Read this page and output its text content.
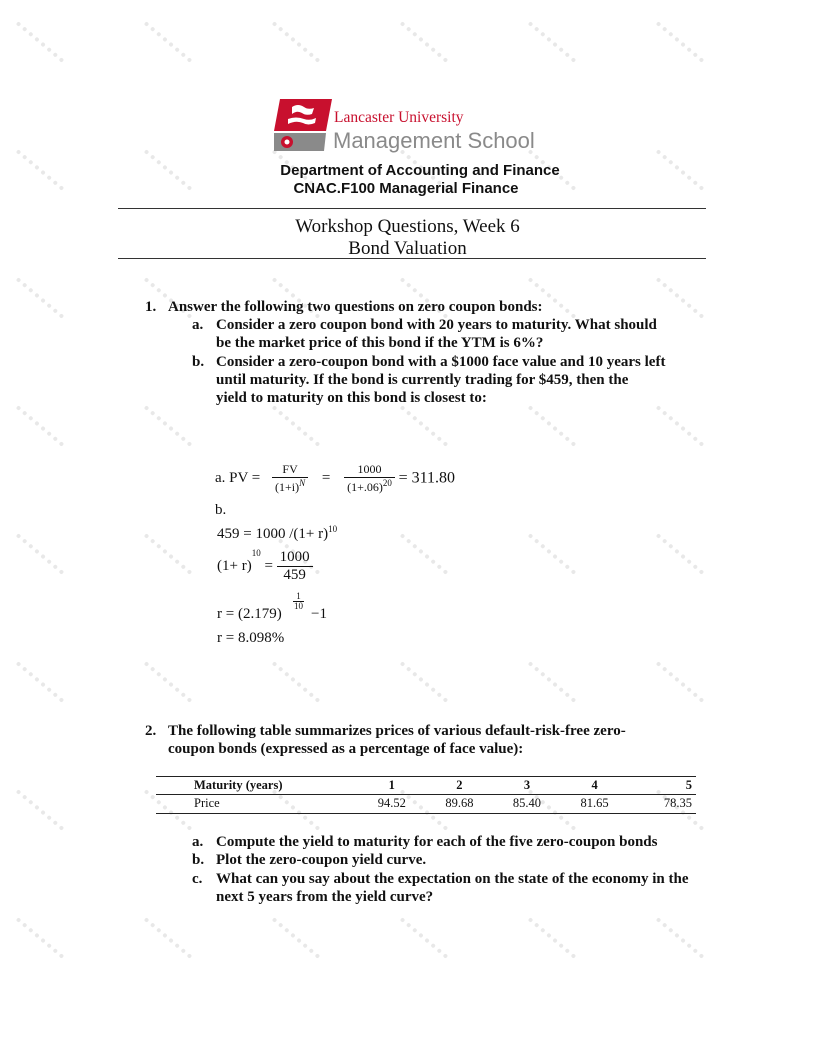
Lancaster University
Management School
Department of Accounting and Finance
CNAC.F100 Managerial Finance
Workshop Questions, Week 6
Bond Valuation
1. Answer the following two questions on zero coupon bonds:
a. Consider a zero coupon bond with 20 years to maturity. What should
be the market price of this bond if the YTM is 6%?
b. Consider a zero-coupon bond with a $1000 face value and 10 years left
until maturity. If the bond is currently trading for $459, then the
yield to maturity on this bond is closest to:
a. PV = $\frac{FV}{(1+i)^N} = \frac{1000}{(1+.06)^{20}} = 311.80$
b.
459 = 1000 $/(1+ r)^{10}$
$(1+ r)^{10} = \frac{1000}{459}$
r = (2.179)
$\frac{1}{10}$
−1
r = 8.098%
2. The following table summarizes prices of various default-risk-free zero-
coupon bonds (expressed as a percentage of face value):
Maturity (years)	1	2	3	4	5
Price	94.52	89.68	85.40	81.65	78.35
a. Compute the yield to maturity for each of the five zero-coupon bonds
b. Plot the zero-coupon yield curve.
c. What can you say about the expectation on the state of the economy in the
next 5 years from the yield curve?
